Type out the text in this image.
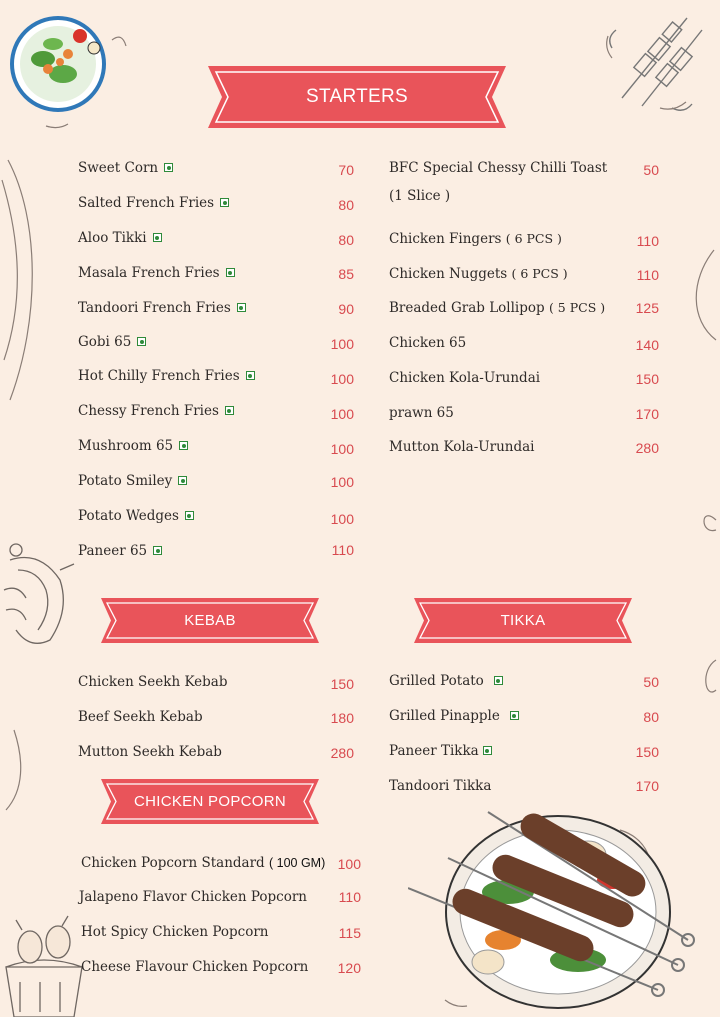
STARTERS
KEBAB	TIKKA
CHICKEN POPCORN
Sweet Corn	70
Salted French Fries	80
Aloo Tikki	80
Masala French Fries	85
Tandoori French Fries	90
Gobi 65	100
Hot Chilly French Fries	100
Chessy French Fries	100
Mushroom 65	100
Potato Smiley	100
Potato Wedges	100
Paneer 65	110
BFC Special Chessy Chilli Toast
(1 Slice )
50
Chicken Fingers ( 6 PCS )	110
Chicken Nuggets ( 6 PCS )	110
Breaded Grab Lollipop ( 5 PCS )	125
Chicken 65	140
Chicken Kola-Urundai	150
prawn 65	170
Mutton Kola-Urundai	280
Chicken Seekh Kebab	150
Beef Seekh Kebab	180
Mutton Seekh Kebab	280
Grilled Potato	50
Grilled Pinapple	80
Paneer Tikka	150
Tandoori Tikka	170
Chicken Popcorn Standard ( 100 GM) 100
Jalapeno Flavor Chicken Popcorn	110
Hot Spicy Chicken Popcorn	115
Cheese Flavour Chicken Popcorn	120
